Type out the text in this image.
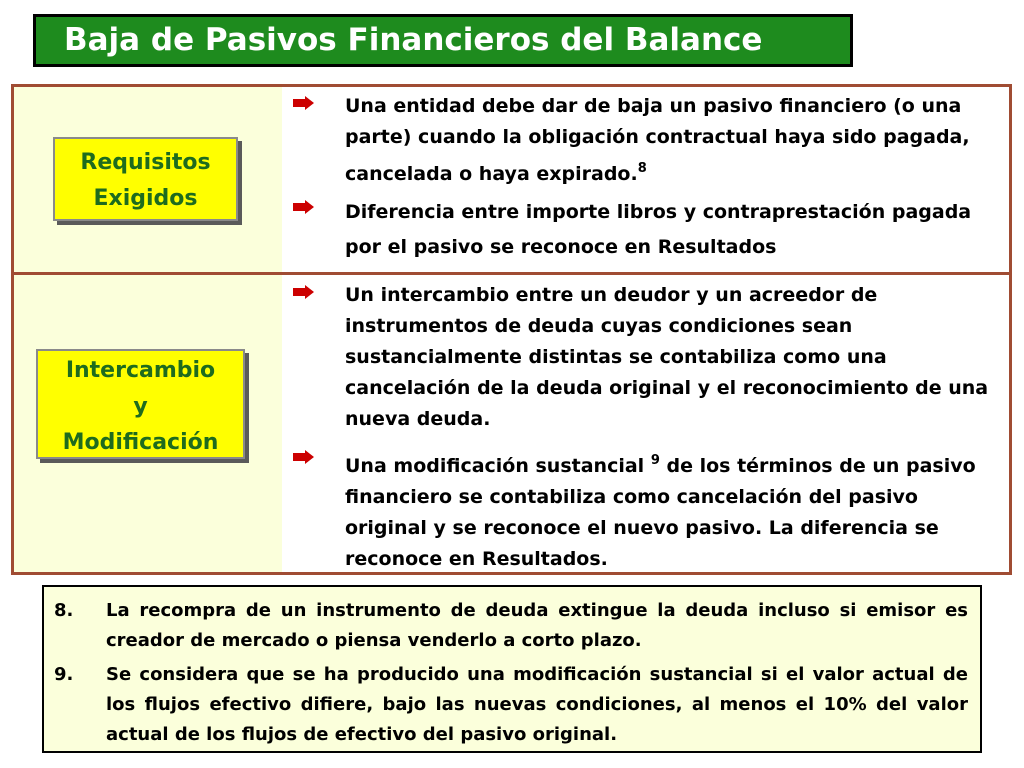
Baja de Pasivos Financieros del Balance
Requisitos
Exigidos
Una entidad debe dar de baja un pasivo financiero (o una parte) cuando la obligación contractual haya sido pagada, cancelada o haya expirado.$^8$
Diferencia entre importe libros y contraprestación pagada por el pasivo se reconoce en Resultados
Intercambio
y
Modificación
Un intercambio entre un deudor y un acreedor de instrumentos de deuda cuyas condiciones sean sustancialmente distintas se contabiliza como una cancelación de la deuda original y el reconocimiento de una nueva deuda.
Una modificación sustancial $^9$ de los términos de un pasivo financiero se contabiliza como cancelación del pasivo original y se reconoce el nuevo pasivo. La diferencia se reconoce en Resultados.
8. La recompra de un instrumento de deuda extingue la deuda incluso si emisor es creador de mercado o piensa venderlo a corto plazo.
9. Se considera que se ha producido una modificación sustancial si el valor actual de los flujos efectivo difiere, bajo las nuevas condiciones, al menos el 10% del valor actual de los flujos de efectivo del pasivo original.
